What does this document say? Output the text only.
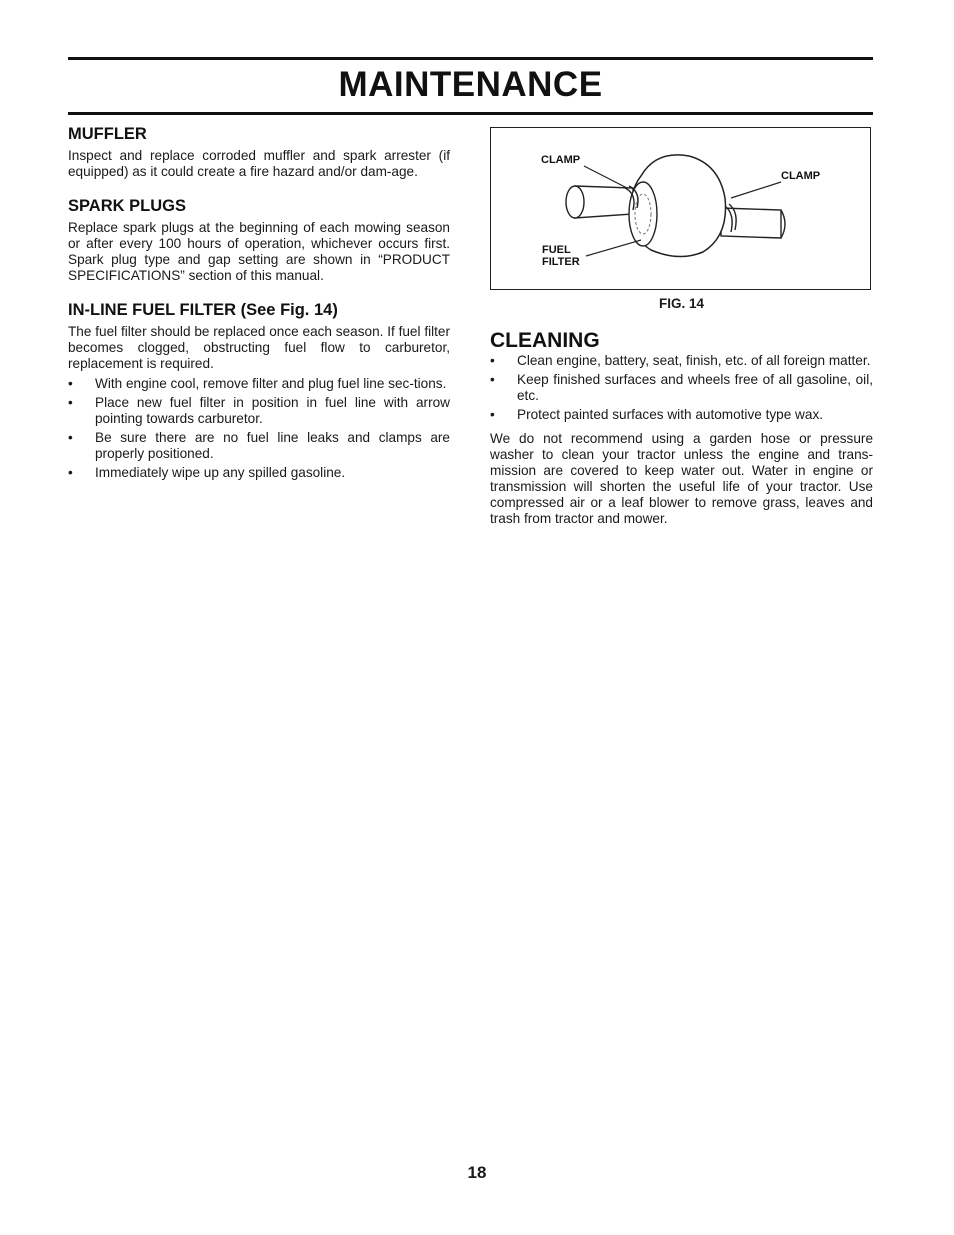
MAINTENANCE
MUFFLER

Inspect and replace corroded muffler and spark arrester (if equipped) as it could create a fire hazard and/or dam-age.

SPARK PLUGS

Replace spark plugs at the beginning of each mowing season or after every 100 hours of operation, whichever occurs first. Spark plug type and gap setting are shown in “PRODUCT SPECIFICATIONS” section of this manual.

IN-LINE FUEL FILTER (See Fig. 14)

The fuel filter should be replaced once each season. If fuel filter becomes clogged, obstructing fuel flow to carburetor, replacement is required.

• With engine cool, remove filter and plug fuel line sec-tions.
• Place new fuel filter in position in fuel line with arrow pointing towards carburetor.
• Be sure there are no fuel line leaks and clamps are properly positioned.
• Immediately wipe up any spilled gasoline.
CLAMP
CLAMP
FUEL
FILTER
FIG. 14
CLEANING
• Clean engine, battery, seat, finish, etc. of all foreign matter.
• Keep finished surfaces and wheels free of all gasoline, oil, etc.
• Protect painted surfaces with automotive type wax.

We do not recommend using a garden hose or pressure washer to clean your tractor unless the engine and trans-mission are covered to keep water out. Water in engine or transmission will shorten the useful life of your tractor. Use compressed air or a leaf blower to remove grass, leaves and trash from tractor and mower.

18
